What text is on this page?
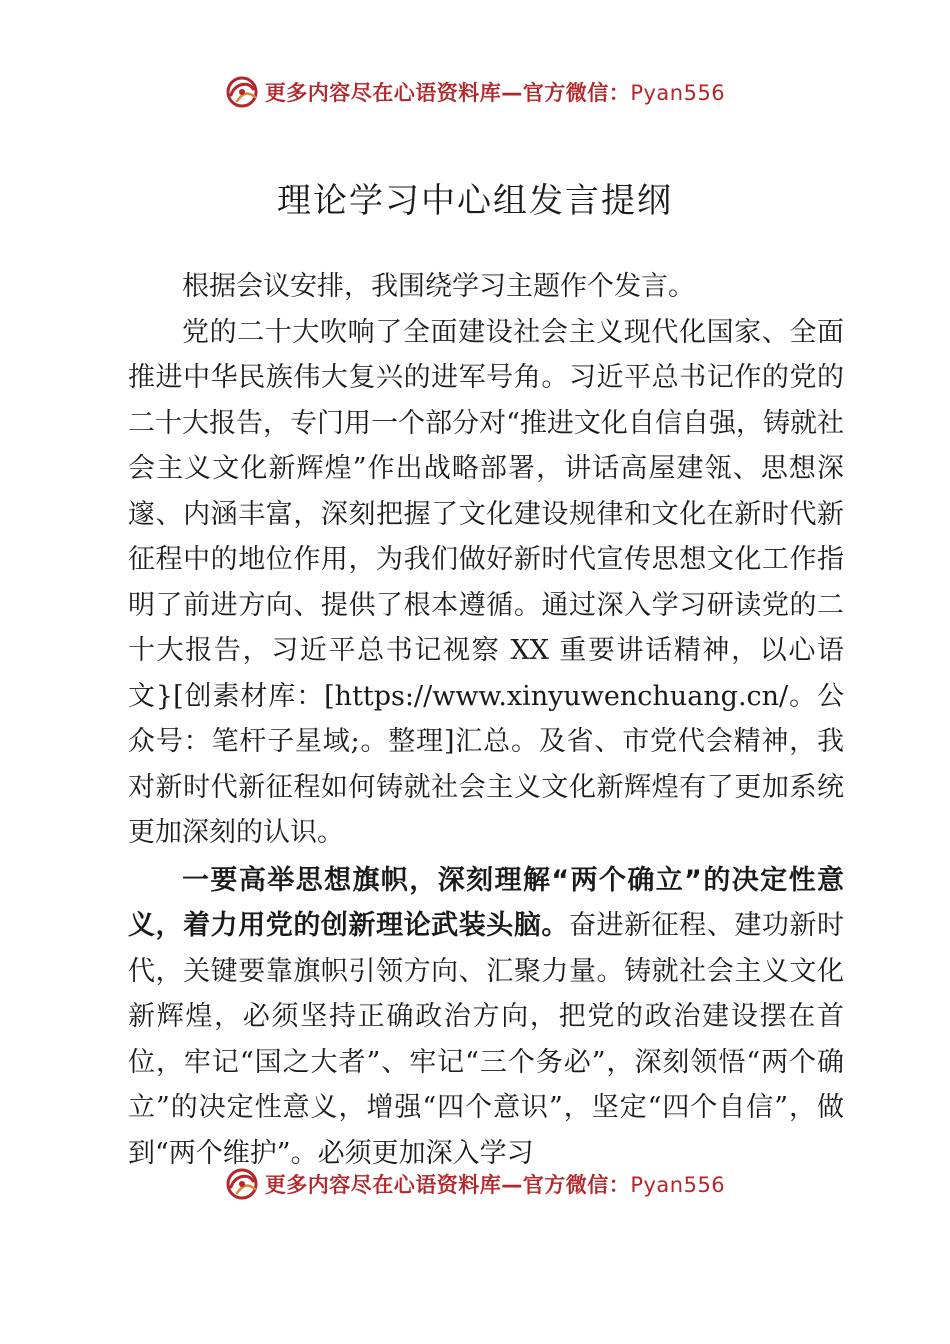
更多内容尽在心语资料库—官方微信：Pyan556
理论学习中心组发言提纲

根据会议安排，我围绕学习主题作个发言。

党的二十大吹响了全面建设社会主义现代化国家、全面推进中华民族伟大复兴的进军号角。习近平总书记作的党的二十大报告，专门用一个部分对“推进文化自信自强，铸就社会主义文化新辉煌”作出战略部署，讲话高屋建瓴、思想深邃、内涵丰富，深刻把握了文化建设规律和文化在新时代新征程中的地位作用，为我们做好新时代宣传思想文化工作指明了前进方向、提供了根本遵循。通过深入学习研读党的二十大报告，习近平总书记视察 XX 重要讲话精神，以心语文}[创素材库：[https://www.xinyuwenchuang.cn/。公众号：笔杆子星域;。整理]汇总。及省、市党代会精神，我对新时代新征程如何铸就社会主义文化新辉煌有了更加系统更加深刻的认识。

一要高举思想旗帜，深刻理解“两个确立”的决定性意义，着力用党的创新理论武装头脑。奋进新征程、建功新时代，关键要靠旗帜引领方向、汇聚力量。铸就社会主义文化新辉煌，必须坚持正确政治方向，把党的政治建设摆在首位，牢记“国之大者”、牢记“三个务必”，深刻领悟“两个确立”的决定性意义，增强“四个意识”，坚定“四个自信”，做到“两个维护”。必须更加深入学习

更多内容尽在心语资料库—官方微信：Pyan556
